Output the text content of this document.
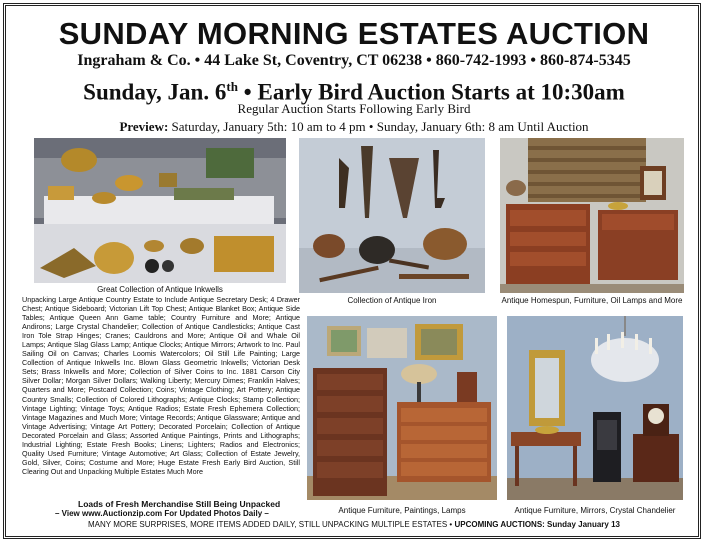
SUNDAY MORNING ESTATES AUCTION
Ingraham & Co. • 44 Lake St, Coventry, CT 06238 • 860-742-1993 • 860-874-5345
Sunday, Jan. 6th • Early Bird Auction Starts at 10:30am
Regular Auction Starts Following Early Bird
Preview: Saturday, January 5th: 10 am to 4 pm • Sunday, January 6th: 8 am Until Auction
Great Collection of Antique Inkwells
Collection of Antique Iron	Antique Homespun, Furniture, Oil Lamps and More
Unpacking Large Antique Country Estate to Include Antique Secretary Desk; 4 Drawer Chest; Antique Sideboard; Victorian Lift Top Chest; Antique Blanket Box; Antique Side Tables; Antique Queen Ann Game table; Country Furniture and More; Antique Andirons; Large Crystal Chandelier; Collection of Antique Candlesticks; Antique Cast Iron Tole Strap Hinges; Cranes; Cauldrons and More; Antique Oil and Whale Oil Lamps; Antique Slag Glass Lamp; Antique Clocks; Antique Mirrors; Artwork to Inc. Paul Sailing Oil on Canvas; Charles Loomis Watercolors; Oil Still Life Painting; Large Collection of Antique Inkwells Inc. Blown Glass Geometric Inkwells; Victorian Desk Sets; Brass Inkwells and More; Collection of Silver Coins to Inc. 1881 Carson City Silver Dollar; Morgan Silver Dollars; Walking Liberty; Mercury Dimes; Franklin Halves; Quarters and More; Postcard Collection; Coins; Vintage Clothing; Art Pottery; Antique Country Smalls; Collection of Colored Lithographs; Antique Clocks; Stamp Collection; Vintage Lighting; Vintage Toys; Antique Radios; Estate Fresh Ephemera Collection; Vintage Magazines and Much More; Vintage Records; Antique Glassware; Antique and Vintage Advertising; Vintage Art Pottery; Decorated Porcelain; Collection of Antique Decorated Porcelain and Glass; Assorted Antique Paintings, Prints and Lithographs; Industrial Lighting; Estate Fresh Books; Linens; Lighters; Radios and Electronics; Quality Used Furniture; Vintage Automotive; Art Glass; Collection of Estate Jewelry, Gold, Silver, Coins; Costume and More; Huge Estate Fresh Early Bird Auction, Still Clearing Out and Unpacking Multiple Estates Much More
Loads of Fresh Merchandise Still Being Unpacked
– View www.Auctionzip.com For Updated Photos Daily –	Antique Furniture, Paintings, Lamps	Antique Furniture, Mirrors, Crystal Chandelier
MANY MORE SURPRISES, MORE ITEMS ADDED DAILY, STILL UNPACKING MULTIPLE ESTATES • UPCOMING AUCTIONS: Sunday January 13
